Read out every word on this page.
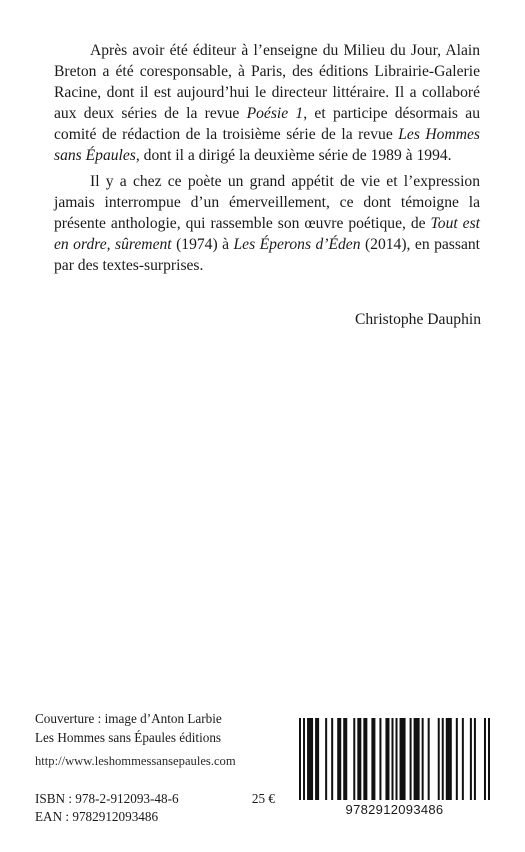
Après avoir été éditeur à l’enseigne du Milieu du Jour, Alain Breton a été coresponsable, à Paris, des éditions Librairie-Galerie Racine, dont il est aujourd’hui le directeur littéraire. Il a collaboré aux deux séries de la revue Poésie 1, et participe désormais au comité de rédaction de la troisième série de la revue Les Hommes sans Épaules, dont il a dirigé la deuxième série de 1989 à 1994.

Il y a chez ce poète un grand appétit de vie et l’expression jamais interrompue d’un émerveillement, ce dont témoigne la présente anthologie, qui rassemble son œuvre poétique, de Tout est en ordre, sûrement (1974) à Les Éperons d’Éden (2014), en passant par des textes-surprises.

Christophe Dauphin
Couverture : image d’Anton Larbie
Les Hommes sans Épaules éditions
http://www.leshommessansepaules.com
ISBN : 978-2-912093-48-6	25 €
EAN : 9782912093486	9782912093486
